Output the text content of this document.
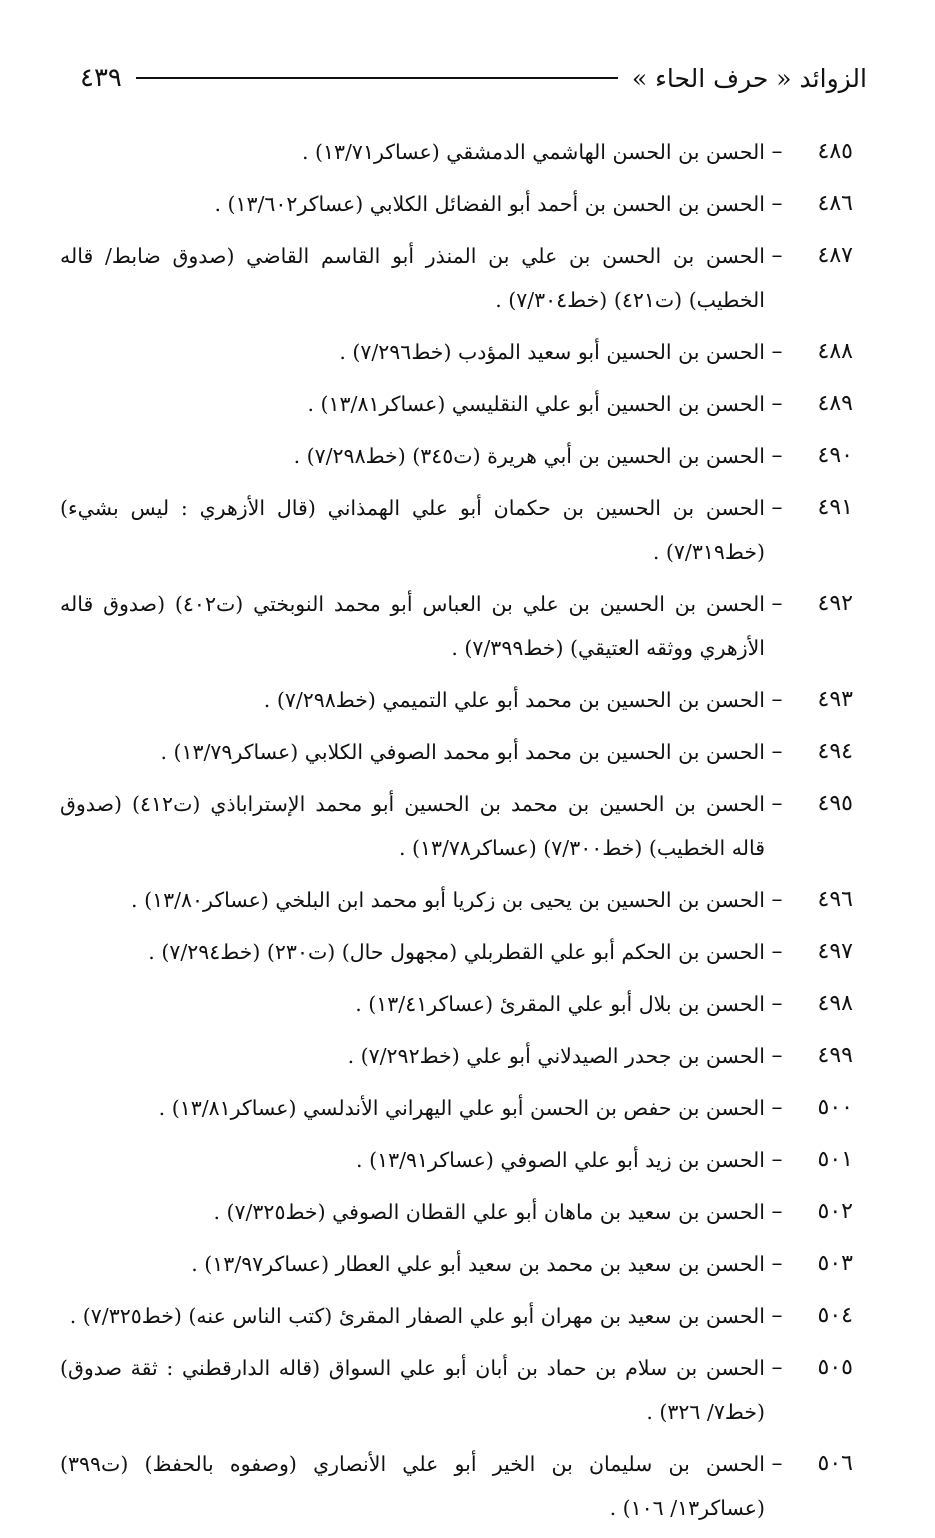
الزوائد « حرف الحاء »
٤٣٩
٤٨٥
–
الحسن بن الحسن الهاشمي الدمشقي (عساكر١٣/٧١) .
٤٨٦
–
الحسن بن الحسن بن أحمد أبو الفضائل الكلابي (عساكر١٣/٦٠٢) .
٤٨٧
–
الحسن بن الحسن بن علي بن المنذر أبو القاسم القاضي (صدوق ضابط/ قاله الخطيب) (ت٤٢١) (خط٧/٣٠٤) .
٤٨٨
–
الحسن بن الحسين أبو سعيد المؤدب (خط٧/٢٩٦) .
٤٨٩
–
الحسن بن الحسين أبو علي النقليسي (عساكر١٣/٨١) .
٤٩٠
–
الحسن بن الحسين بن أبي هريرة (ت٣٤٥) (خط٧/٢٩٨) .
٤٩١
–
الحسن بن الحسين بن حكمان أبو علي الهمذاني (قال الأزهري : ليس بشيء) (خط٧/٣١٩) .
٤٩٢
–
الحسن بن الحسين بن علي بن العباس أبو محمد النوبختي (ت٤٠٢) (صدوق قاله الأزهري ووثقه العتيقي) (خط٧/٣٩٩) .
٤٩٣
–
الحسن بن الحسين بن محمد أبو علي التميمي (خط٧/٢٩٨) .
٤٩٤
–
الحسن بن الحسين بن محمد أبو محمد الصوفي الكلابي (عساكر١٣/٧٩) .
٤٩٥
–
الحسن بن الحسين بن محمد بن الحسين أبو محمد الإستراباذي (ت٤١٢) (صدوق قاله الخطيب) (خط٧/٣٠٠) (عساكر١٣/٧٨) .
٤٩٦
–
الحسن بن الحسين بن يحيى بن زكريا أبو محمد ابن البلخي (عساكر١٣/٨٠) .
٤٩٧
–
الحسن بن الحكم أبو علي القطربلي (مجهول حال) (ت٢٣٠) (خط٧/٢٩٤) .
٤٩٨
–
الحسن بن بلال أبو علي المقرئ (عساكر١٣/٤١) .
٤٩٩
–
الحسن بن جحدر الصيدلاني أبو علي (خط٧/٢٩٢) .
٥٠٠
–
الحسن بن حفص بن الحسن أبو علي اليهراني الأندلسي (عساكر١٣/٨١) .
٥٠١
–
الحسن بن زيد أبو علي الصوفي (عساكر١٣/٩١) .
٥٠٢
–
الحسن بن سعيد بن ماهان أبو علي القطان الصوفي (خط٧/٣٢٥) .
٥٠٣
–
الحسن بن سعيد بن محمد بن سعيد أبو علي العطار (عساكر١٣/٩٧) .
٥٠٤
–
الحسن بن سعيد بن مهران أبو علي الصفار المقرئ (كتب الناس عنه) (خط٧/٣٢٥) .
٥٠٥
–
الحسن بن سلام بن حماد بن أبان أبو علي السواق (قاله الدارقطني : ثقة صدوق) (خط٧/ ٣٢٦) .
٥٠٦
–
الحسن بن سليمان بن الخير أبو علي الأنصاري (وصفوه بالحفظ) (ت٣٩٩) (عساكر١٣/ ١٠٦) .
